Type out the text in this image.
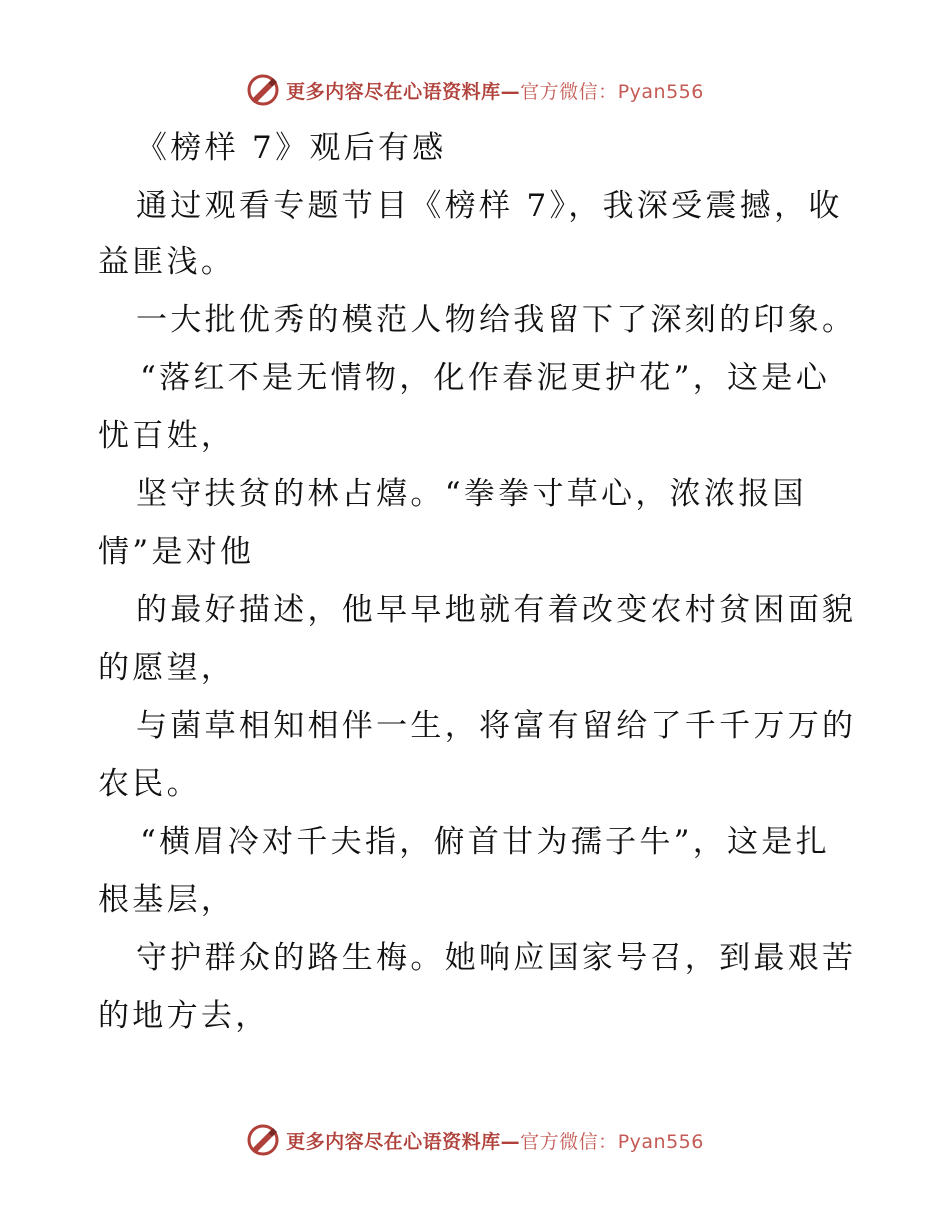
更多内容尽在心语资料库—官方微信：Pyan556
《榜样 7》观后有感
通过观看专题节目《榜样 7》，我深受震撼，收
益匪浅。
一大批优秀的模范人物给我留下了深刻的印象。
“落红不是无情物，化作春泥更护花”，这是心
忧百姓，
坚守扶贫的林占熺。“拳拳寸草心，浓浓报国
情”是对他
的最好描述，他早早地就有着改变农村贫困面貌
的愿望，
与菌草相知相伴一生，将富有留给了千千万万的
农民。
“横眉冷对千夫指，俯首甘为孺子牛”，这是扎
根基层，
守护群众的路生梅。她响应国家号召，到最艰苦
的地方去，
更多内容尽在心语资料库—官方微信：Pyan556
